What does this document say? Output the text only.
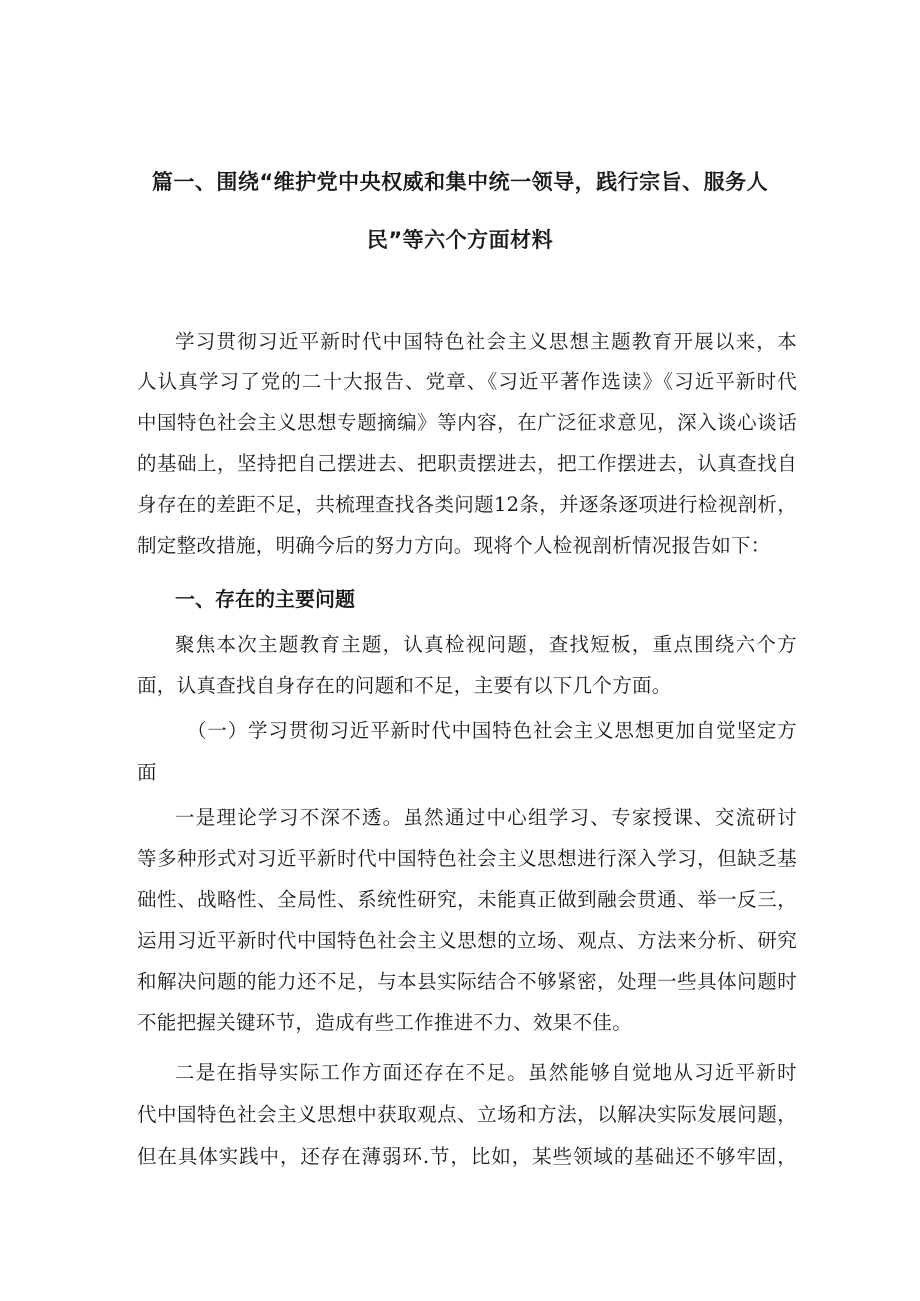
篇一、围绕“维护党中央权威和集中统一领导，践行宗旨、服务人
民”等六个方面材料
学习贯彻习近平新时代中国特色社会主义思想主题教育开展以来，本
人认真学习了党的二十大报告、党章、《习近平著作选读》《习近平新时代
中国特色社会主义思想专题摘编》等内容，在广泛征求意见，深入谈心谈话
的基础上，坚持把自己摆进去、把职责摆进去，把工作摆进去，认真查找自
身存在的差距不足，共梳理查找各类问题12条，并逐条逐项进行检视剖析，
制定整改措施，明确今后的努力方向。现将个人检视剖析情况报告如下：
一、存在的主要问题
聚焦本次主题教育主题，认真检视问题，查找短板，重点围绕六个方
面，认真查找自身存在的问题和不足，主要有以下几个方面。
（一）学习贯彻习近平新时代中国特色社会主义思想更加自觉坚定方
面
一是理论学习不深不透。虽然通过中心组学习、专家授课、交流研讨
等多种形式对习近平新时代中国特色社会主义思想进行深入学习，但缺乏基
础性、战略性、全局性、系统性研究，未能真正做到融会贯通、举一反三，
运用习近平新时代中国特色社会主义思想的立场、观点、方法来分析、研究
和解决问题的能力还不足，与本县实际结合不够紧密，处理一些具体问题时
不能把握关键环节，造成有些工作推进不力、效果不佳。
二是在指导实际工作方面还存在不足。虽然能够自觉地从习近平新时
代中国特色社会主义思想中获取观点、立场和方法，以解决实际发展问题，
但在具体实践中，还存在薄弱环.节，比如，某些领域的基础还不够牢固，
